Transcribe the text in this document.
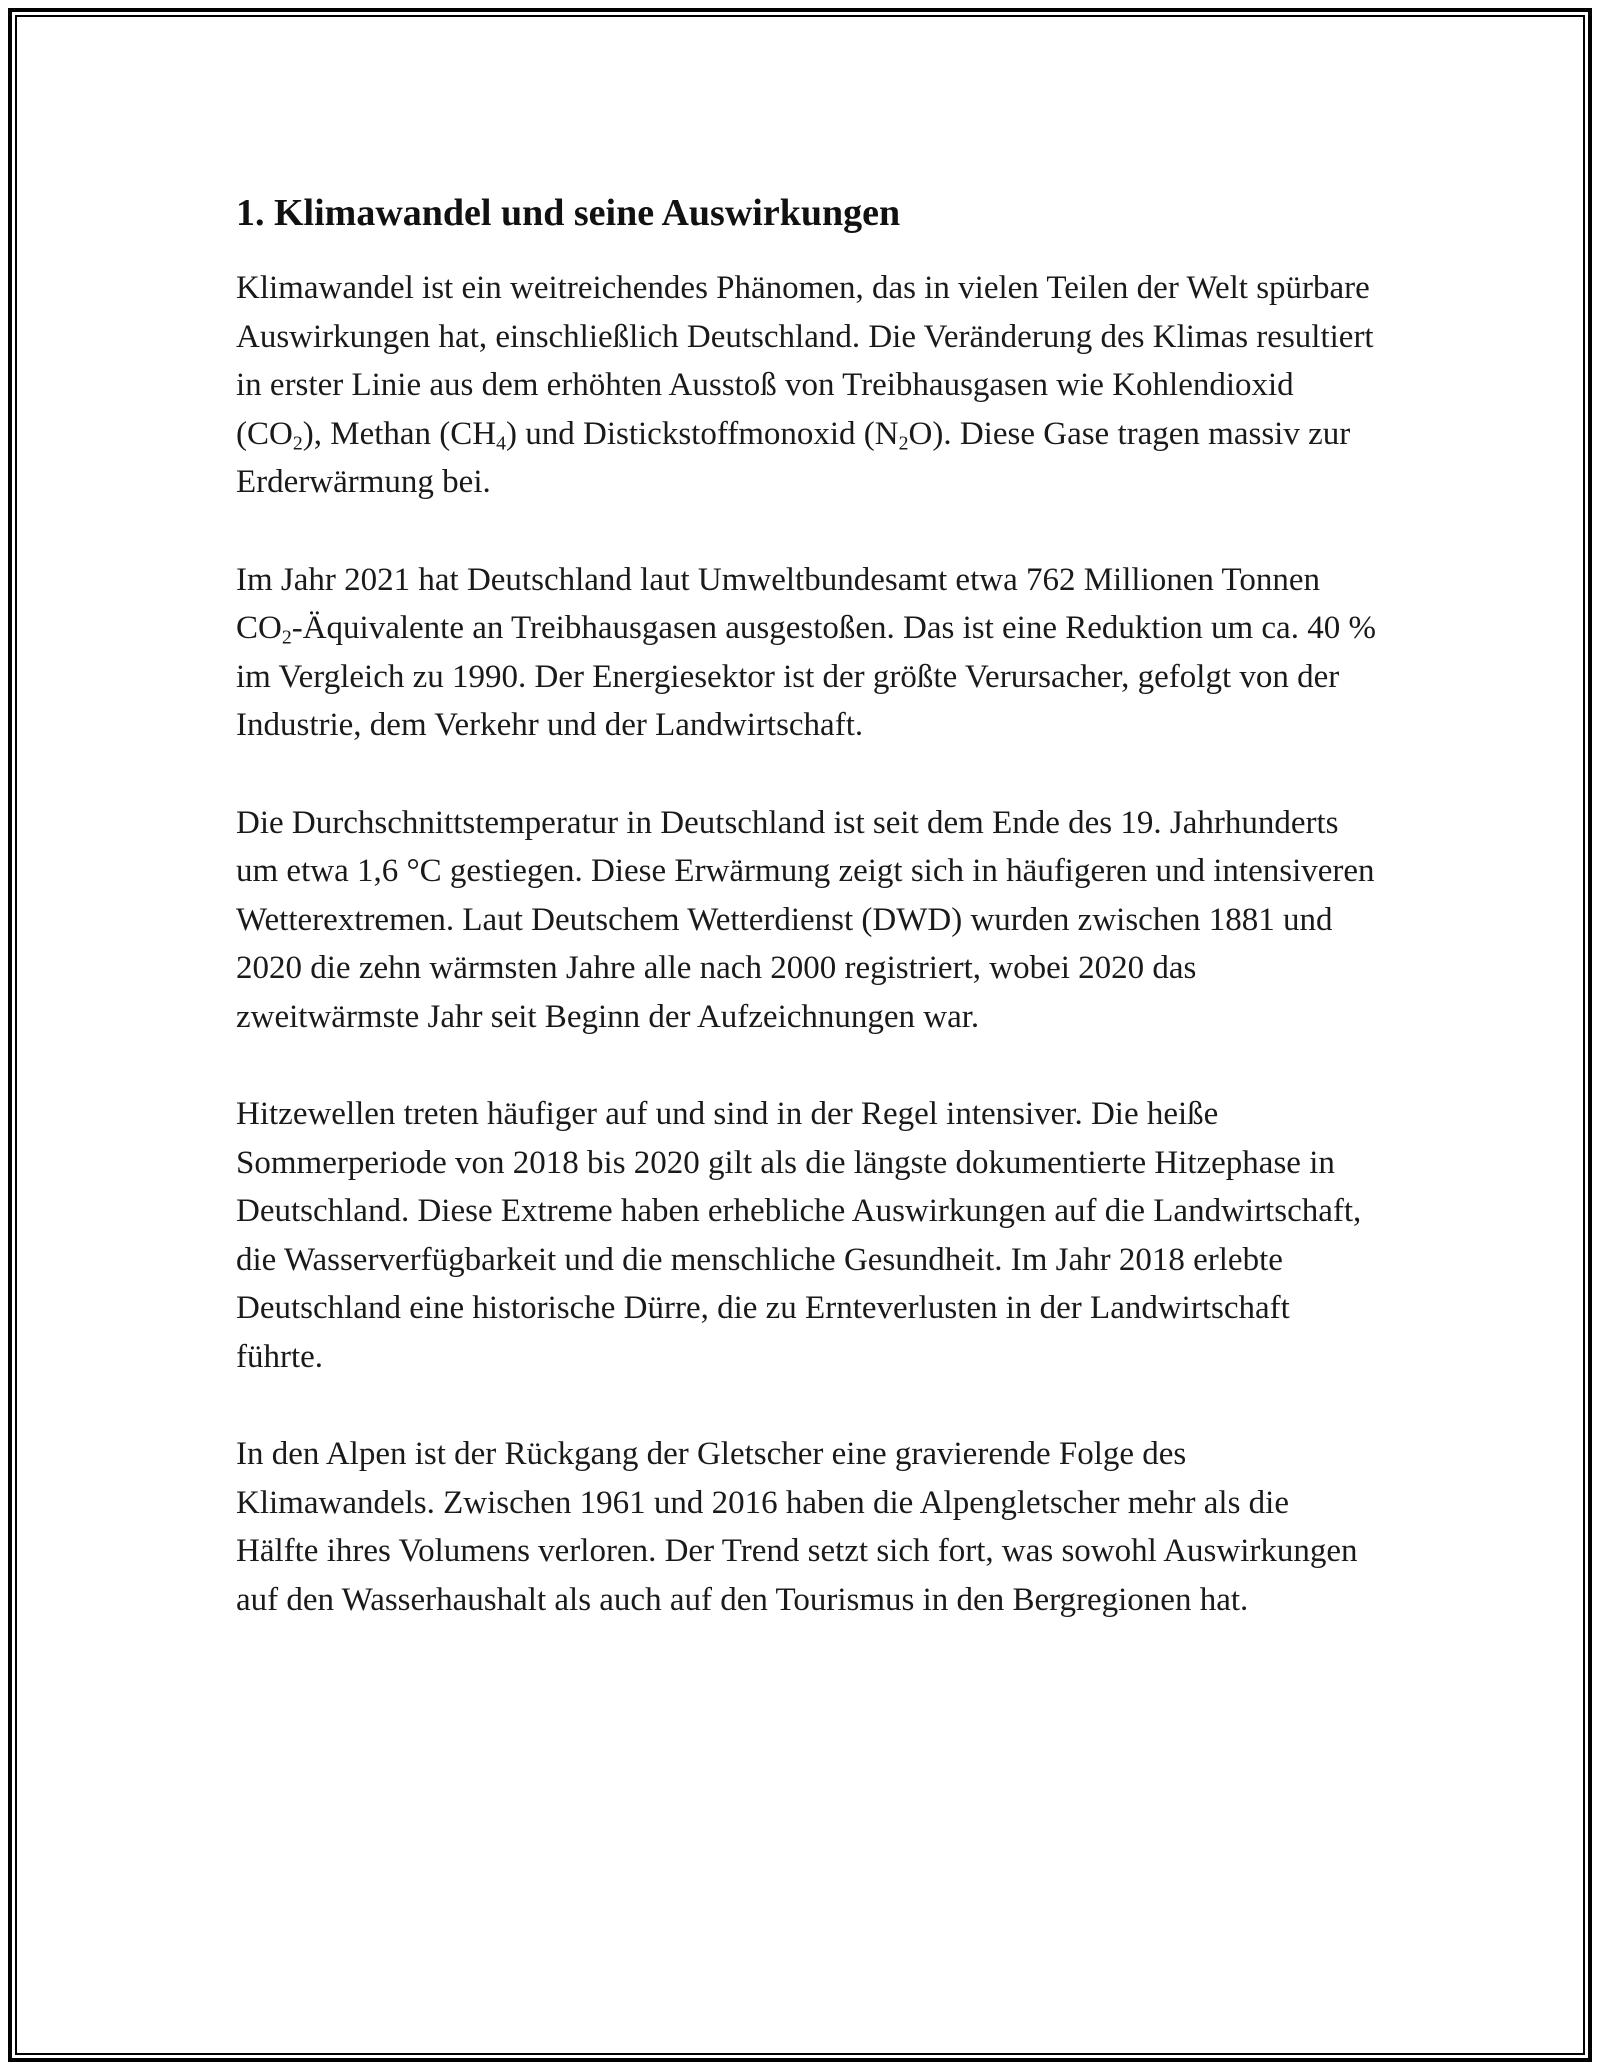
1. Klimawandel und seine Auswirkungen

Klimawandel ist ein weitreichendes Phänomen, das in vielen Teilen der Welt spürbare Auswirkungen hat, einschließlich Deutschland. Die Veränderung des Klimas resultiert in erster Linie aus dem erhöhten Ausstoß von Treibhausgasen wie Kohlendioxid $(CO_2)$, Methan $(CH_4)$ und Distickstoffmonoxid $(N_2O)$. Diese Gase tragen massiv zur Erderwärmung bei.

Im Jahr 2021 hat Deutschland laut Umweltbundesamt etwa 762 Millionen Tonnen $CO_2$-Äquivalente an Treibhausgasen ausgestoßen. Das ist eine Reduktion um ca. 40 % im Vergleich zu 1990. Der Energiesektor ist der größte Verursacher, gefolgt von der Industrie, dem Verkehr und der Landwirtschaft.

Die Durchschnittstemperatur in Deutschland ist seit dem Ende des 19. Jahrhunderts um etwa 1,6 °C gestiegen. Diese Erwärmung zeigt sich in häufigeren und intensiveren Wetterextremen. Laut Deutschem Wetterdienst (DWD) wurden zwischen 1881 und 2020 die zehn wärmsten Jahre alle nach 2000 registriert, wobei 2020 das zweitwärmste Jahr seit Beginn der Aufzeichnungen war.

Hitzewellen treten häufiger auf und sind in der Regel intensiver. Die heiße Sommerperiode von 2018 bis 2020 gilt als die längste dokumentierte Hitzephase in Deutschland. Diese Extreme haben erhebliche Auswirkungen auf die Landwirtschaft, die Wasserverfügbarkeit und die menschliche Gesundheit. Im Jahr 2018 erlebte Deutschland eine historische Dürre, die zu Ernteverlusten in der Landwirtschaft führte.

In den Alpen ist der Rückgang der Gletscher eine gravierende Folge des Klimawandels. Zwischen 1961 und 2016 haben die Alpengletscher mehr als die Hälfte ihres Volumens verloren. Der Trend setzt sich fort, was sowohl Auswirkungen auf den Wasserhaushalt als auch auf den Tourismus in den Bergregionen hat.
